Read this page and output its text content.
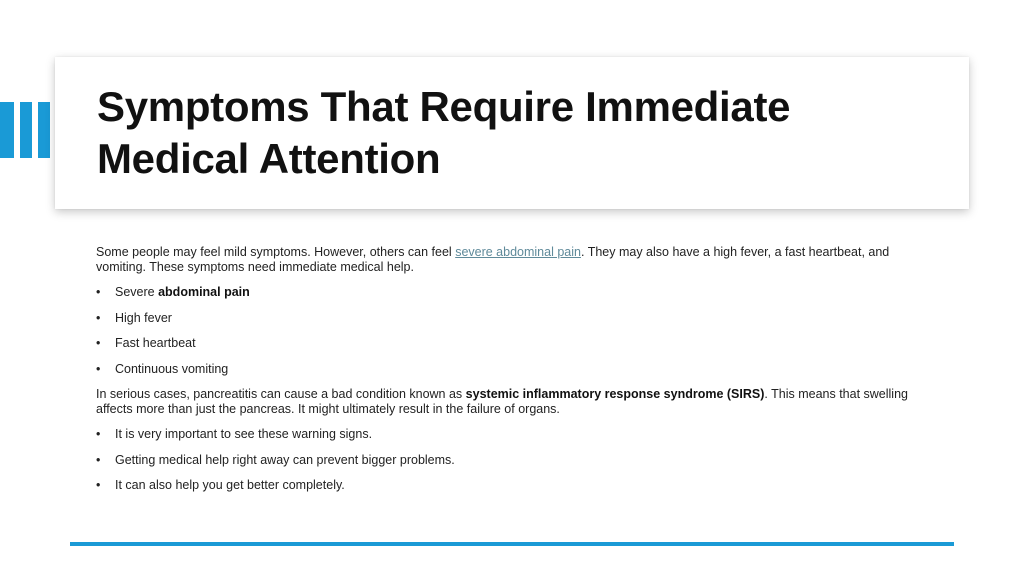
Symptoms That Require Immediate Medical Attention

Some people may feel mild symptoms. However, others can feel severe abdominal pain. They may also have a high fever, a fast heartbeat, and vomiting. These symptoms need immediate medical help.

• Severe abdominal pain
• High fever
• Fast heartbeat
• Continuous vomiting

In serious cases, pancreatitis can cause a bad condition known as systemic inflammatory response syndrome (SIRS). This means that swelling affects more than just the pancreas. It might ultimately result in the failure of organs.

• It is very important to see these warning signs.
• Getting medical help right away can prevent bigger problems.
• It can also help you get better completely.
